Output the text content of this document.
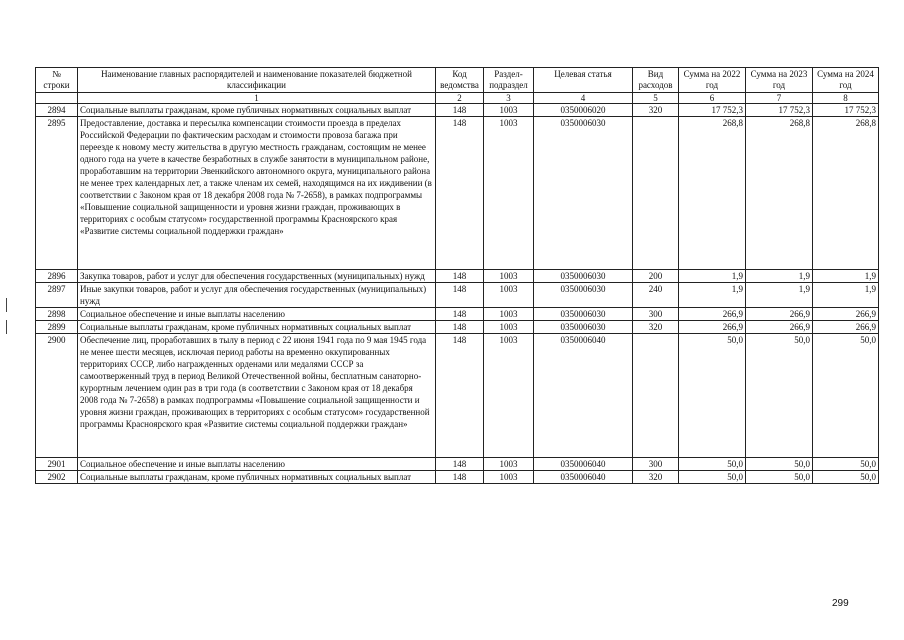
№ строки	Наименование главных распорядителей и наименование показателей бюджетной классификации	Код ведомства	Раздел-подраздел	Целевая статья	Вид расходов	Сумма на 2022 год	Сумма на 2023 год	Сумма на 2024 год
	1	2	3	4	5	6	7	8
2894	Социальные выплаты гражданам, кроме публичных нормативных социальных выплат	148	1003	0350006020	320	17 752,3	17 752,3	17 752,3
2895	Предоставление, доставка и пересылка компенсации стоимости проезда в пределах Российской Федерации по фактическим расходам и стоимости провоза багажа при переезде к новому месту жительства в другую местность гражданам, состоящим не менее одного года на учете в качестве безработных в службе занятости в муниципальном районе, проработавшим на территории Эвенкийского автономного округа, муниципального района не менее трех календарных лет, а также членам их семей, находящимся на их иждивении (в соответствии с Законом края от 18 декабря 2008 года № 7-2658), в рамках подпрограммы «Повышение социальной защищенности и уровня жизни граждан, проживающих в территориях с особым статусом» государственной программы Красноярского края «Развитие системы социальной поддержки граждан»	148	1003	0350006030		268,8	268,8	268,8
2896	Закупка товаров, работ и услуг для обеспечения государственных (муниципальных) нужд	148	1003	0350006030	200	1,9	1,9	1,9
2897	Иные закупки товаров, работ и услуг для обеспечения государственных (муниципальных) нужд	148	1003	0350006030	240	1,9	1,9	1,9
2898	Социальное обеспечение и иные выплаты населению	148	1003	0350006030	300	266,9	266,9	266,9
2899	Социальные выплаты гражданам, кроме публичных нормативных социальных выплат	148	1003	0350006030	320	266,9	266,9	266,9
2900	Обеспечение лиц, проработавших в тылу в период с 22 июня 1941 года по 9 мая 1945 года не менее шести месяцев, исключая период работы на временно оккупированных территориях СССР, либо награжденных орденами или медалями СССР за самоотверженный труд в период Великой Отечественной войны, бесплатным санаторно-курортным лечением один раз в три года (в соответствии с Законом края от 18 декабря 2008 года № 7-2658) в рамках подпрограммы «Повышение социальной защищенности и уровня жизни граждан, проживающих в территориях с особым статусом» государственной программы Красноярского края «Развитие системы социальной поддержки граждан»	148	1003	0350006040		50,0	50,0	50,0
2901	Социальное обеспечение и иные выплаты населению	148	1003	0350006040	300	50,0	50,0	50,0
2902	Социальные выплаты гражданам, кроме публичных нормативных социальных выплат	148	1003	0350006040	320	50,0	50,0	50,0
299
